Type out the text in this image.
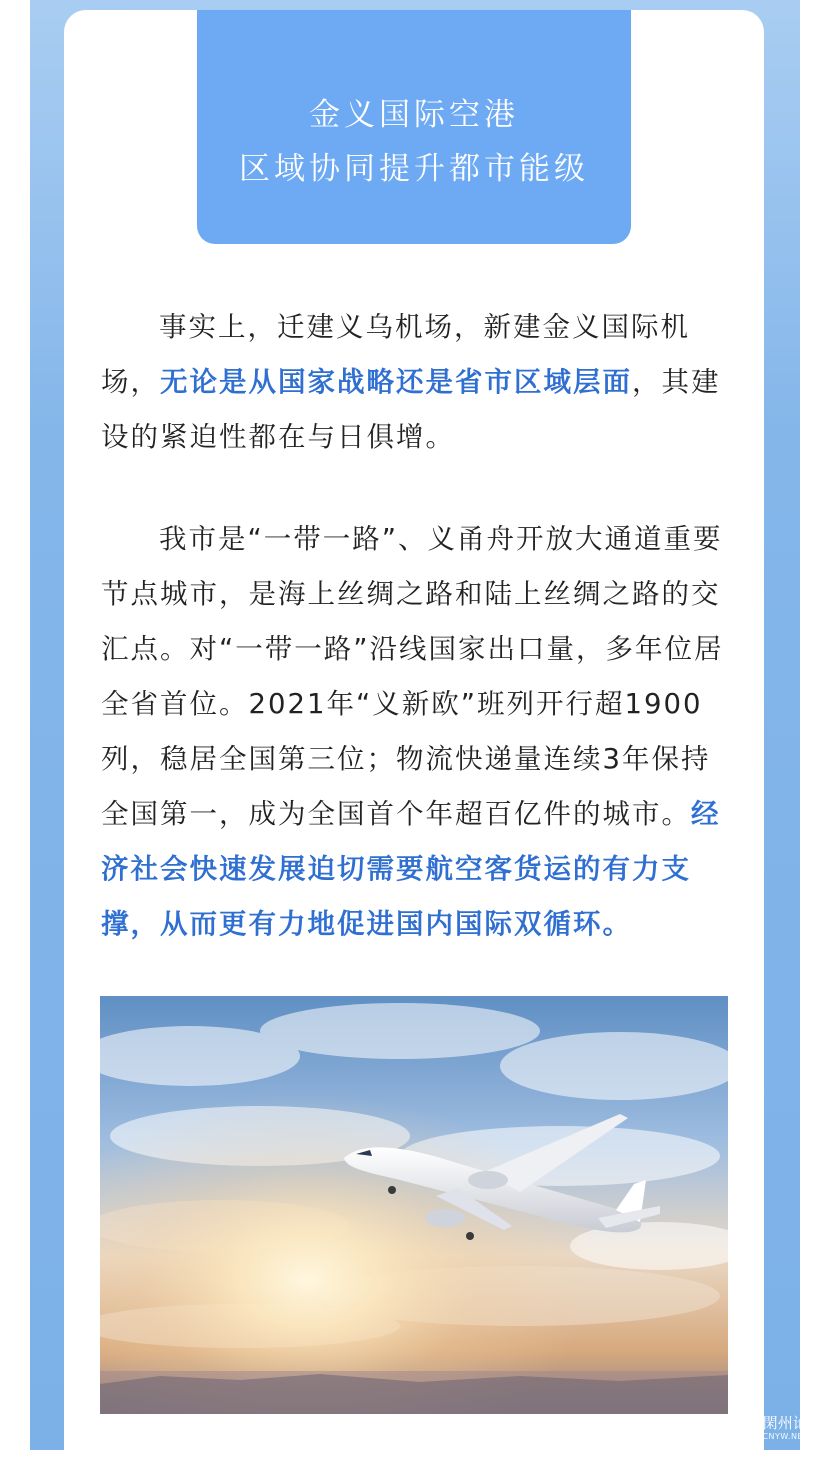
金义国际空港
区域协同提升都市能级

事实上，迁建义乌机场，新建金义国际机场，无论是从国家战略还是省市区域层面，其建设的紧迫性都在与日俱增。

我市是“一带一路”、义甬舟开放大通道重要节点城市，是海上丝绸之路和陆上丝绸之路的交汇点。对“一带一路”沿线国家出口量，多年位居全省首位。2021年“义新欧”班列开行超1900列，稳居全国第三位；物流快递量连续3年保持全国第一，成为全国首个年超百亿件的城市。经济社会快速发展迫切需要航空客货运的有力支撑，从而更有力地促进国内国际双循环。

閑州论坛
BBS.CNYW.NET
